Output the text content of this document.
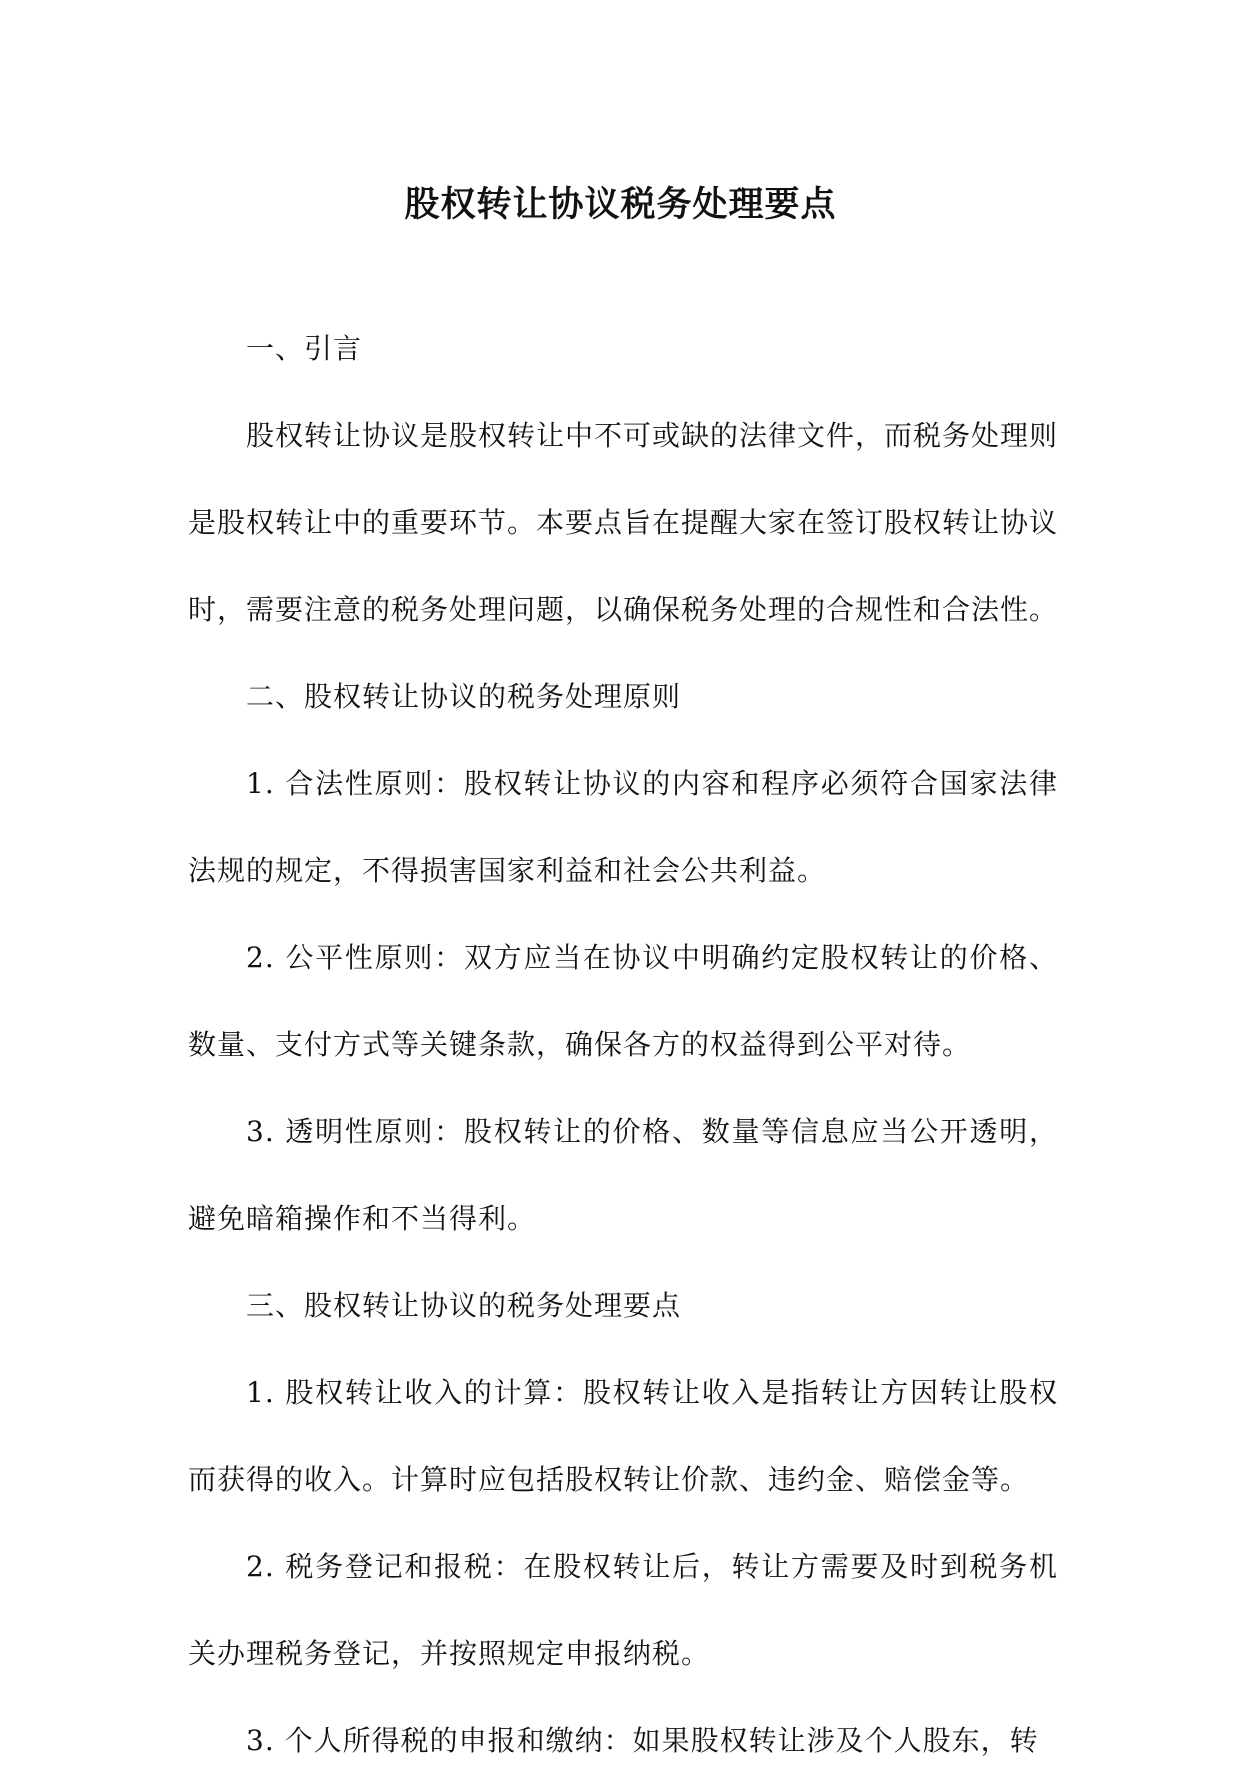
股权转让协议税务处理要点

一、引言

股权转让协议是股权转让中不可或缺的法律文件，而税务处理则是股权转让中的重要环节。本要点旨在提醒大家在签订股权转让协议时，需要注意的税务处理问题，以确保税务处理的合规性和合法性。

二、股权转让协议的税务处理原则

1. 合法性原则：股权转让协议的内容和程序必须符合国家法律法规的规定，不得损害国家利益和社会公共利益。

2. 公平性原则：双方应当在协议中明确约定股权转让的价格、数量、支付方式等关键条款，确保各方的权益得到公平对待。

3. 透明性原则：股权转让的价格、数量等信息应当公开透明，避免暗箱操作和不当得利。

三、股权转让协议的税务处理要点

1. 股权转让收入的计算：股权转让收入是指转让方因转让股权而获得的收入。计算时应包括股权转让价款、违约金、赔偿金等。

2. 税务登记和报税：在股权转让后，转让方需要及时到税务机关办理税务登记，并按照规定申报纳税。

3. 个人所得税的申报和缴纳：如果股权转让涉及个人股东，转
